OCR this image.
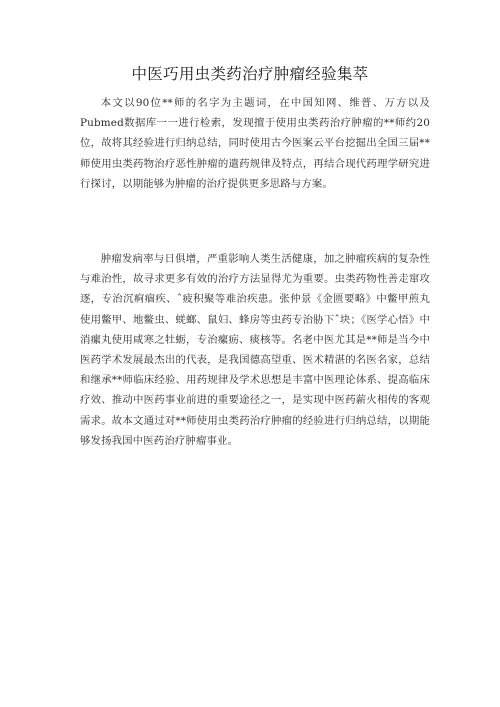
中医巧用虫类药治疗肿瘤经验集萃

本文以90位**师的名字为主题词，在中国知网、维普、万方以及Pubmed数据库一一进行检索，发现擅于使用虫类药治疗肿瘤的**师约20位，故将其经验进行归纳总结，同时使用古今医案云平台挖掘出全国三届**师使用虫类药物治疗恶性肿瘤的遣药规律及特点，再结合现代药理学研究进行探讨，以期能够为肿瘤的治疗提供更多思路与方案。

肿瘤发病率与日俱增，严重影响人类生活健康，加之肿瘤疾病的复杂性与难治性，故寻求更多有效的治疗方法显得尤为重要。虫类药物性善走窜攻逐，专治沉痾痼疾、ˆ疲积聚等难治疾患。张仲景《金匮要略》中鳖甲煎丸使用鳖甲、地鳖虫、蜣螂、鼠妇、蜂房等虫药专治胁下ˆ块；《医学心悟》中消瘰丸使用咸寒之牡蛎，专治瘰疬、痰核等。名老中医尤其是**师是当今中医药学术发展最杰出的代表，是我国德高望重、医术精湛的名医名家，总结和继承**师临床经验、用药规律及学术思想是丰富中医理论体系、提高临床疗效、推动中医药事业前进的重要途径之一，是实现中医药薪火相传的客观需求。故本文通过对**师使用虫类药治疗肿瘤的经验进行归纳总结，以期能够发扬我国中医药治疗肿瘤事业。
